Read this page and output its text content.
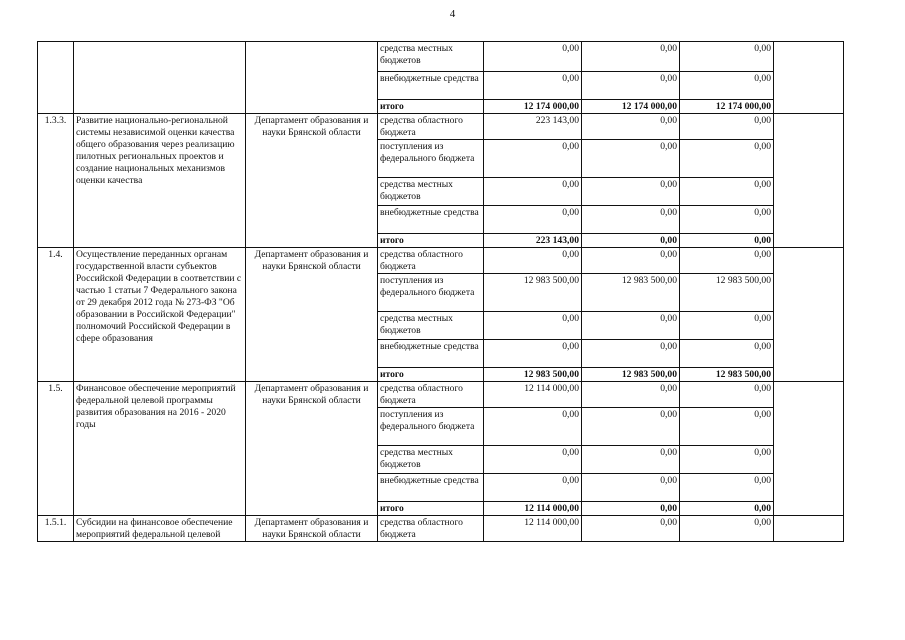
4
			средства местных бюджетов	0,00	0,00	0,00	
			внебюджетные средства	0,00	0,00	0,00	
			итого	12 174 000,00	12 174 000,00	12 174 000,00	
1.3.3.	Развитие национально-региональной системы независимой оценки качества общего образования через реализацию пилотных региональных проектов и создание национальных механизмов оценки качества	Департамент образования и науки Брянской области	средства областного бюджета	223 143,00	0,00	0,00	
			поступления из федерального бюджета	0,00	0,00	0,00	
			средства местных бюджетов	0,00	0,00	0,00	
			внебюджетные средства	0,00	0,00	0,00	
			итого	223 143,00	0,00	0,00	
1.4.	Осуществление переданных органам государственной власти субъектов Российской Федерации в соответствии с частью 1 статьи 7 Федерального закона от 29 декабря 2012 года № 273-ФЗ "Об образовании в Российской Федерации" полномочий Российской Федерации в сфере образования	Департамент образования и науки Брянской области	средства областного бюджета	0,00	0,00	0,00	
			поступления из федерального бюджета	12 983 500,00	12 983 500,00	12 983 500,00	
			средства местных бюджетов	0,00	0,00	0,00	
			внебюджетные средства	0,00	0,00	0,00	
			итого	12 983 500,00	12 983 500,00	12 983 500,00	
1.5.	Финансовое обеспечение мероприятий федеральной целевой программы развития образования на 2016 - 2020 годы	Департамент образования и науки Брянской области	средства областного бюджета	12 114 000,00	0,00	0,00	
			поступления из федерального бюджета	0,00	0,00	0,00	
			средства местных бюджетов	0,00	0,00	0,00	
			внебюджетные средства	0,00	0,00	0,00	
			итого	12 114 000,00	0,00	0,00	
1.5.1.	Субсидии на финансовое обеспечение мероприятий федеральной целевой	Департамент образования и науки Брянской области	средства областного бюджета	12 114 000,00	0,00	0,00	
